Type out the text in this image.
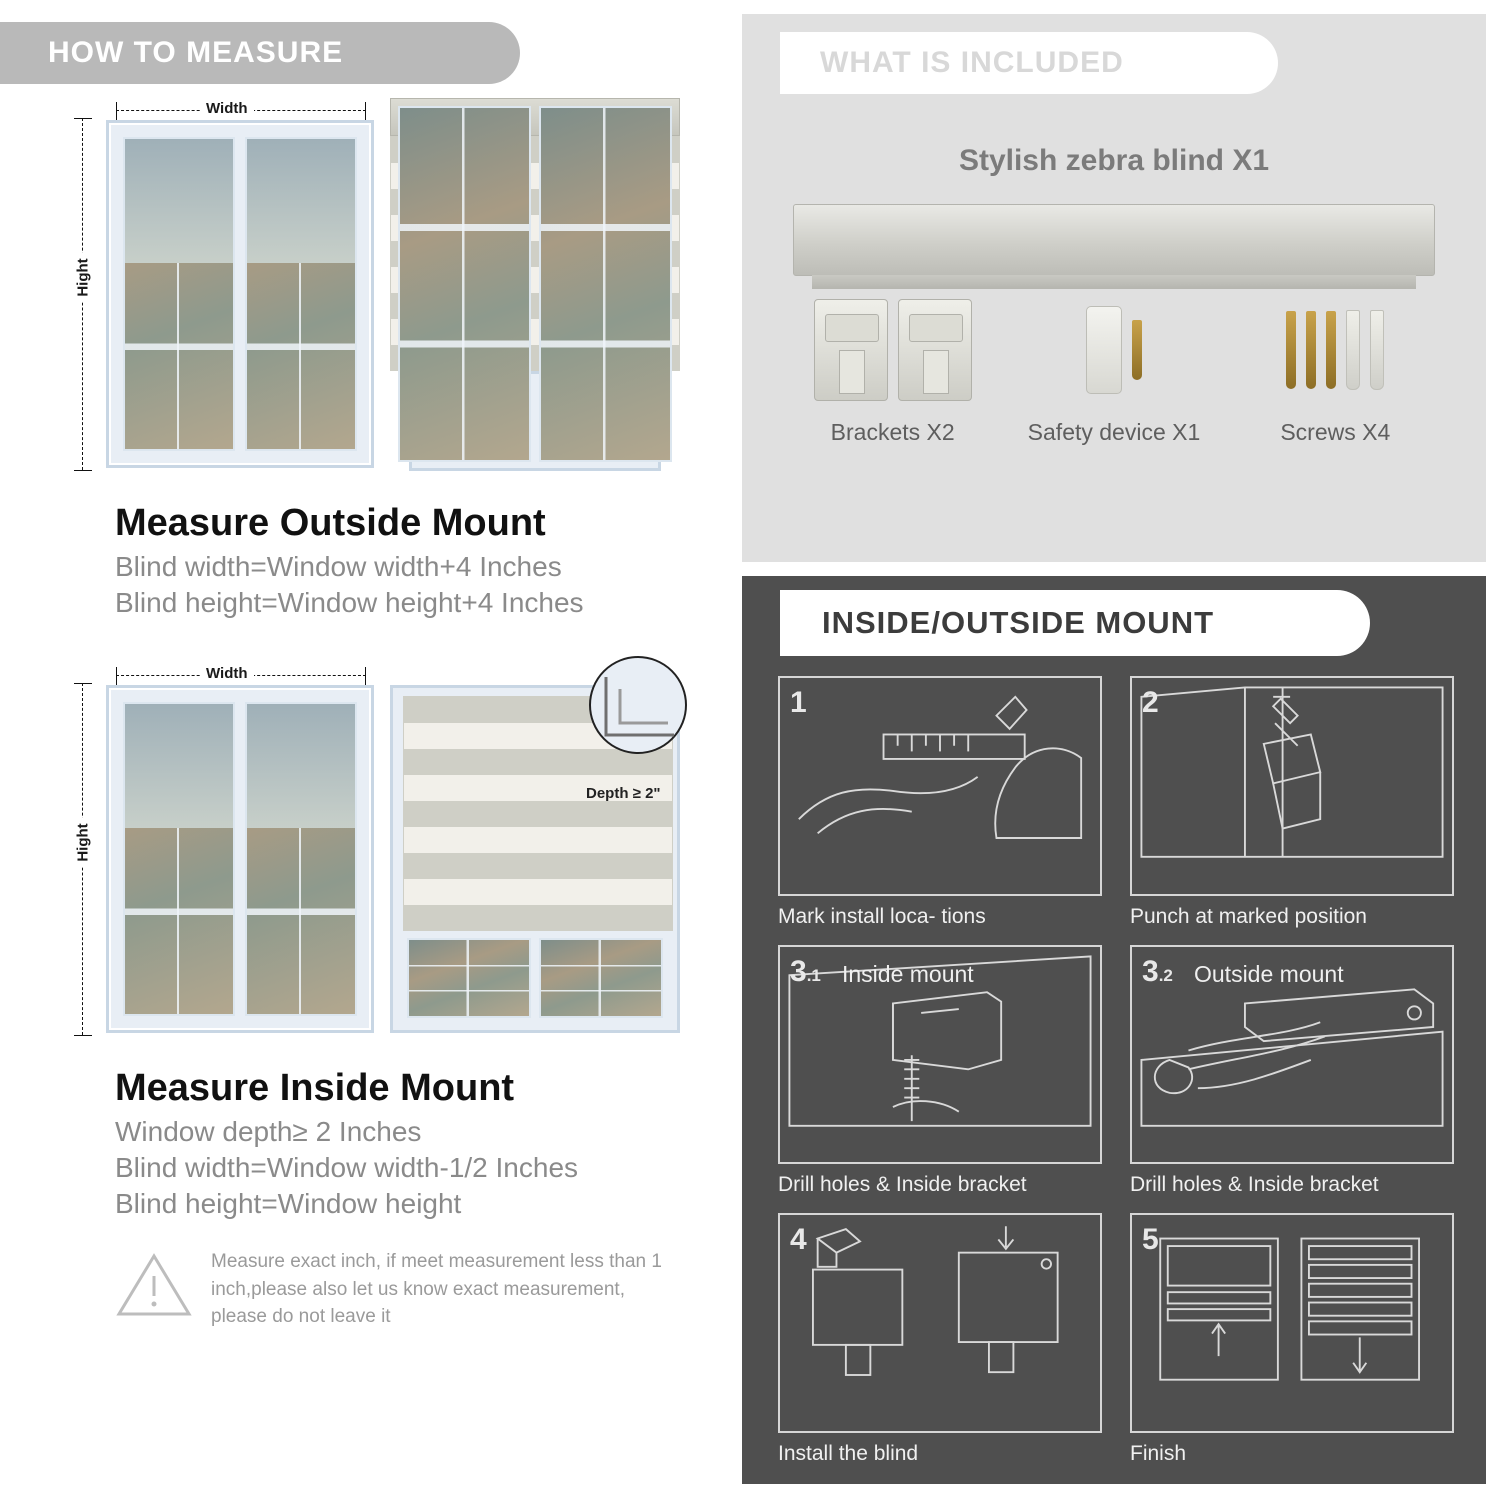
HOW TO MEASURE
Width
Hight
Measure Outside Mount
Blind width=Window width+4 Inches
Blind height=Window height+4 Inches
Width
Hight
Depth ≥ 2"
Measure Inside Mount
Window depth≥ 2 Inches
Blind width=Window width-1/2 Inches
Blind height=Window height
Measure exact inch, if meet measurement less than 1 inch,please also let us know exact measurement, please do not leave it
WHAT IS INCLUDED
Stylish zebra blind X1
Brackets X2	Safety device X1	Screws X4
INSIDE/OUTSIDE MOUNT
1
Mark install loca- tions
2
Punch at marked position
3.1 Inside mount
Drill holes & Inside bracket
3.2 Outside mount
Drill holes & Inside bracket
4
Install the blind
5
Finish
